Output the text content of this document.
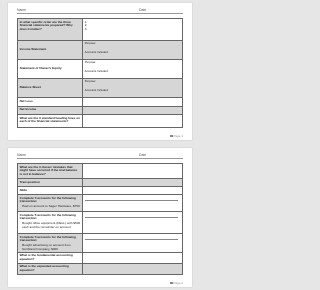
Name	Date
In what specific order are the three financial statements prepared? Why does it matter?	1.
2.
3.

Income Statement	Purpose:
Accounts Included:

Statement of Owner's Equity	Purpose:
Accounts Included:

Balance Sheet	Purpose:
Accounts Included:

Net Loss	
Net Income	
What are the 3 standard heading lines on each of the financial statements?	
Page 1
Name	Date
What are the 3 classic mistakes that might have occurred if the trial balance is not in balance?	
Transposition	
Slide	
Complete T-accounts for the following transaction:
Paid on account to Sager Hardware, $750	

Complete T-accounts for the following transaction:
Bought office equipment (DELL) with $500 cash and the remainder on account	

Complete T-accounts for the following transaction:
Bought advertising on account from Northland Company, $300	

What is the fundamental accounting equation?	
What is the expanded accounting equation?	
Page 2
